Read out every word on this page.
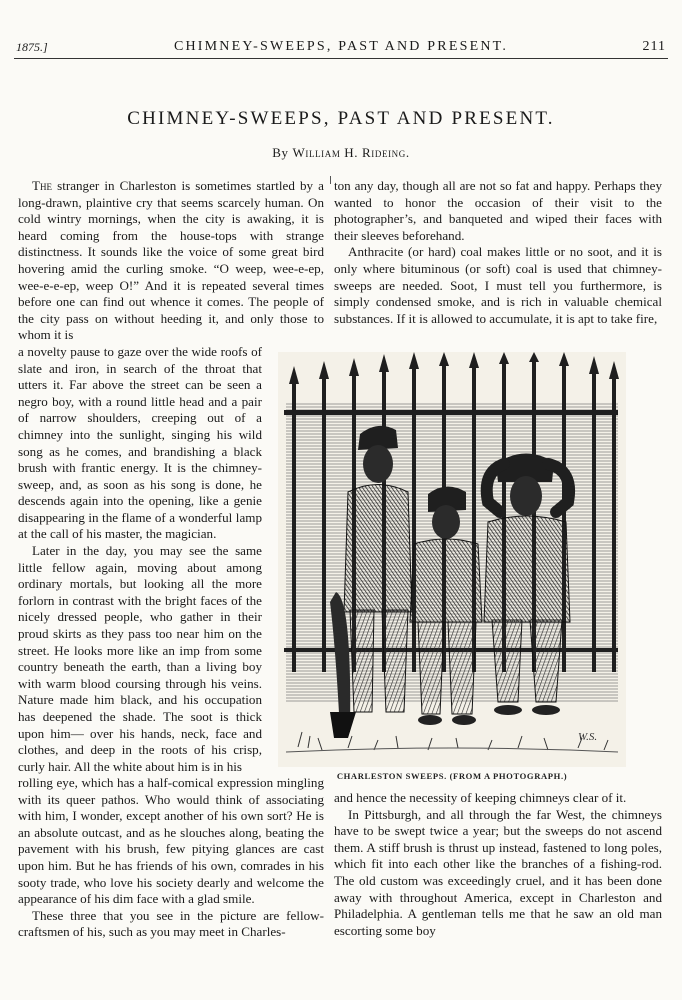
1875.]	CHIMNEY-SWEEPS, PAST AND PRESENT.	211
CHIMNEY-SWEEPS, PAST AND PRESENT.
By William H. Rideing.

The stranger in Charleston is sometimes startled by a long-drawn, plaintive cry that seems scarcely human. On cold wintry mornings, when the city is awaking, it is heard coming from the house-tops with strange distinctness. It sounds like the voice of some great bird hovering amid the curling smoke. “O weep, wee-e-ep, wee-e-e-ep, weep O!” And it is repeated several times before one can find out whence it comes. The people of the city pass on without heeding it, and only those to whom it is

a novelty pause to gaze over the wide roofs of slate and iron, in search of the throat that utters it. Far above the street can be seen a negro boy, with a round little head and a pair of narrow shoulders, creeping out of a chimney into the sunlight, singing his wild song as he comes, and brandishing a black brush with frantic energy. It is the chimney-sweep, and, as soon as his song is done, he descends again into the opening, like a genie disappearing in the flame of a wonderful lamp at the call of his master, the magician.

Later in the day, you may see the same little fellow again, moving about among ordinary mortals, but looking all the more forlorn in contrast with the bright faces of the nicely dressed people, who gather in their proud skirts as they pass too near him on the street. He looks more like an imp from some country beneath the earth, than a living boy with warm blood coursing through his veins. Nature made him black, and his occupation has deepened the shade. The soot is thick upon him— over his hands, neck, face and clothes, and deep in the roots of his crisp, curly hair. All the white about him is in his

ton any day, though all are not so fat and happy. Perhaps they wanted to honor the occasion of their visit to the photographer’s, and banqueted and wiped their faces with their sleeves beforehand.

Anthracite (or hard) coal makes little or no soot, and it is only where bituminous (or soft) coal is used that chimney-sweeps are needed. Soot, I must tell you furthermore, is simply condensed smoke, and is rich in valuable chemical substances. If it is allowed to accumulate, it is apt to take fire,

W.S.
CHARLESTON SWEEPS. (FROM A PHOTOGRAPH.)

rolling eye, which has a half-comical expression mingling with its queer pathos. Who would think of associating with him, I wonder, except another of his own sort? He is an absolute outcast, and as he slouches along, beating the pavement with his brush, few pitying glances are cast upon him. But he has friends of his own, comrades in his sooty trade, who love his society dearly and welcome the appearance of his dim face with a glad smile.

These three that you see in the picture are fellow-craftsmen of his, such as you may meet in Charles-

and hence the necessity of keeping chimneys clear of it.

In Pittsburgh, and all through the far West, the chimneys have to be swept twice a year; but the sweeps do not ascend them. A stiff brush is thrust up instead, fastened to long poles, which fit into each other like the branches of a fishing-rod. The old custom was exceedingly cruel, and it has been done away with throughout America, except in Charleston and Philadelphia. A gentleman tells me that he saw an old man escorting some boy
